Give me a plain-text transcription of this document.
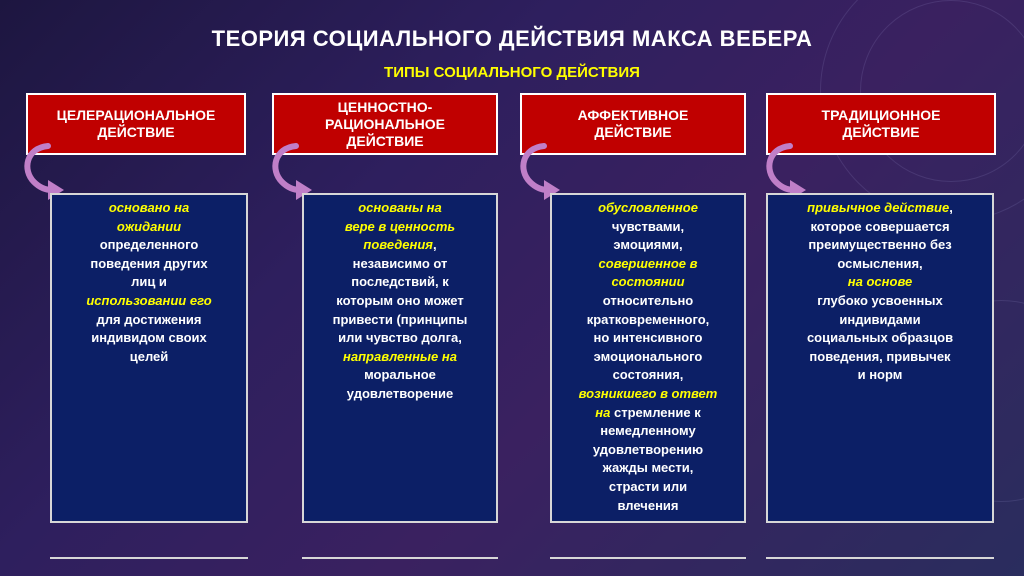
ТЕОРИЯ СОЦИАЛЬНОГО ДЕЙСТВИЯ МАКСА ВЕБЕРА
ТИПЫ СОЦИАЛЬНОГО ДЕЙСТВИЯ
ЦЕЛЕРАЦИОНАЛЬНОЕ
ДЕЙСТВИЕ
основано на
ожидании
определенного
поведения других
лиц и
использовании его
для достижения
индивидом своих
целей
ЦЕННОСТНО-
РАЦИОНАЛЬНОЕ
ДЕЙСТВИЕ
основаны на
вере в ценность
поведения,
независимо от
последствий, к
которым оно может
привести (принципы
или чувство долга,
направленные на
моральное
удовлетворение
АФФЕКТИВНОЕ
ДЕЙСТВИЕ
обусловленное
чувствами,
эмоциями,
совершенное в
состоянии
относительно
кратковременного,
но интенсивного
эмоционального
состояния,
возникшего в ответ
на стремление к
немедленному
удовлетворению
жажды мести,
страсти или
влечения
ТРАДИЦИОННОЕ
ДЕЙСТВИЕ
привычное действие,
которое совершается
преимущественно без
осмысления,
на основе
глубоко усвоенных
индивидами
социальных образцов
поведения, привычек
и норм
